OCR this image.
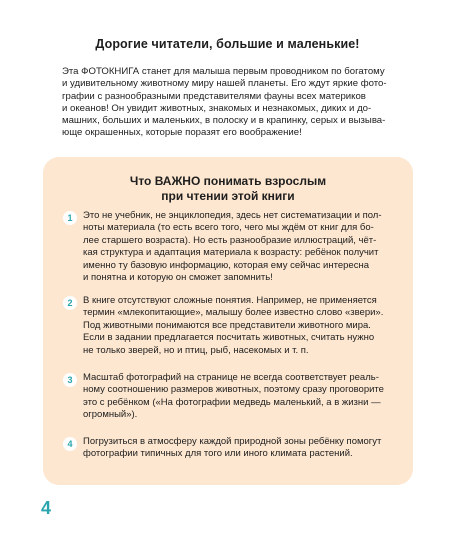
Дорогие читатели, большие и маленькие!
Эта ФОТОКНИГА станет для малыша первым проводником по богатому
и удивительному животному миру нашей планеты. Его ждут яркие фото-
графии с разнообразными представителями фауны всех материков
и океанов! Он увидит животных, знакомых и незнакомых, диких и до-
машних, больших и маленьких, в полоску и в крапинку, серых и вызыва-
юще окрашенных, которые поразят его воображение!
Что ВАЖНО понимать взрослым
при чтении этой книги
1	Это не учебник, не энциклопедия, здесь нет систематизации и пол-
ноты материала (то есть всего того, чего мы ждём от книг для бо-
лее старшего возраста). Но есть разнообразие иллюстраций, чёт-
кая структура и адаптация материала к возрасту: ребёнок получит
именно ту базовую информацию, которая ему сейчас интересна
и понятна и которую он сможет запомнить!
2	В книге отсутствуют сложные понятия. Например, не применяется
термин «млекопитающие», малышу более известно слово «звери».
Под животными понимаются все представители животного мира.
Если в задании предлагается посчитать животных, считать нужно
не только зверей, но и птиц, рыб, насекомых и т. п.
3	Масштаб фотографий на странице не всегда соответствует реаль-
ному соотношению размеров животных, поэтому сразу проговорите
это с ребёнком («На фотографии медведь маленький, а в жизни —
огромный»).
4	Погрузиться в атмосферу каждой природной зоны ребёнку помогут
фотографии типичных для того или иного климата растений.
4
